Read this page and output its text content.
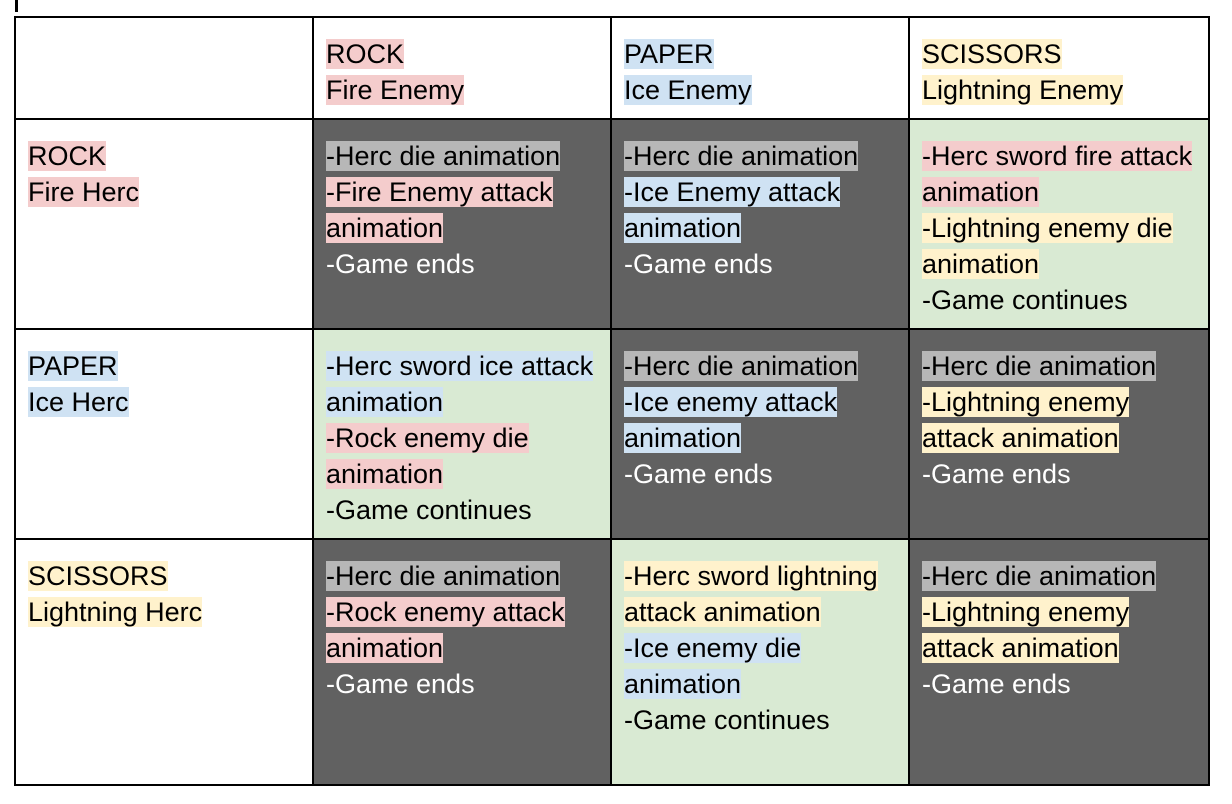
	ROCK
Fire Enemy	PAPER
Ice Enemy	SCISSORS
Lightning Enemy

ROCK
Fire Herc	-Herc die animation
-Fire Enemy attack animation
-Game ends	-Herc die animation
-Ice Enemy attack animation
-Game ends	-Herc sword fire attack animation
-Lightning enemy die animation
-Game continues

PAPER
Ice Herc	-Herc sword ice attack animation
-Rock enemy die animation
-Game continues	-Herc die animation
-Ice enemy attack animation
-Game ends	-Herc die animation
-Lightning enemy attack animation
-Game ends

SCISSORS
Lightning Herc	-Herc die animation
-Rock enemy attack animation
-Game ends	-Herc sword lightning attack animation
-Ice enemy die animation
-Game continues	-Herc die animation
-Lightning enemy attack animation
-Game ends
